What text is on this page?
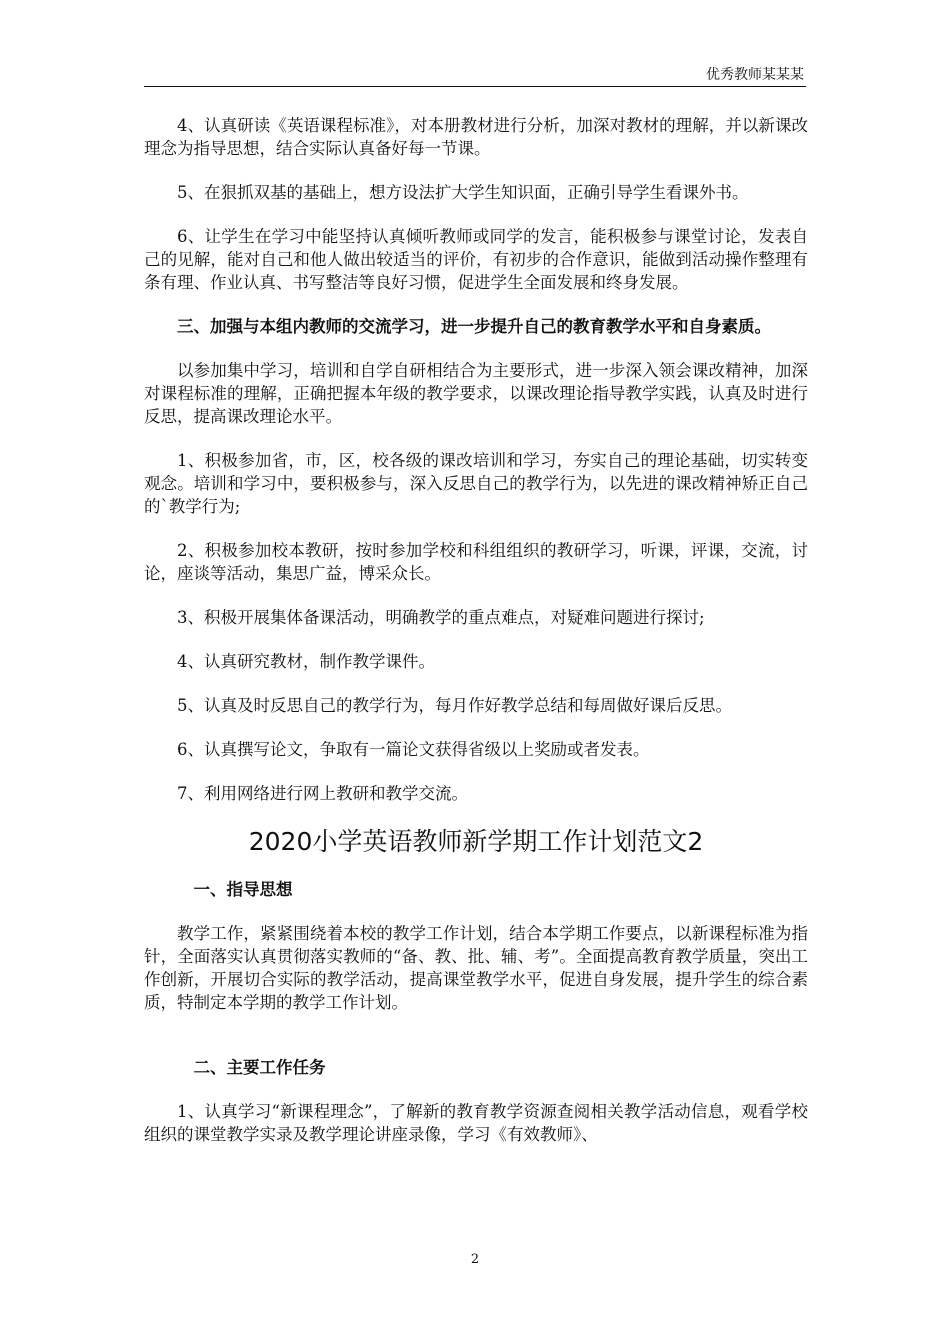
优秀教师某某某

4、认真研读《英语课程标准》，对本册教材进行分析，加深对教材的理解，并以新课改理念为指导思想，结合实际认真备好每一节课。

5、在狠抓双基的基础上，想方设法扩大学生知识面，正确引导学生看课外书。

6、让学生在学习中能坚持认真倾听教师或同学的发言，能积极参与课堂讨论，发表自己的见解，能对自己和他人做出较适当的评价，有初步的合作意识，能做到活动操作整理有条有理、作业认真、书写整洁等良好习惯，促进学生全面发展和终身发展。

三、加强与本组内教师的交流学习，进一步提升自己的教育教学水平和自身素质。

以参加集中学习，培训和自学自研相结合为主要形式，进一步深入领会课改精神，加深对课程标准的理解，正确把握本年级的教学要求，以课改理论指导教学实践，认真及时进行反思，提高课改理论水平。

1、积极参加省，市，区，校各级的课改培训和学习，夯实自己的理论基础，切实转变观念。培训和学习中，要积极参与，深入反思自己的教学行为，以先进的课改精神矫正自己的`教学行为;

2、积极参加校本教研，按时参加学校和科组组织的教研学习，听课，评课，交流，讨论，座谈等活动，集思广益，博采众长。

3、积极开展集体备课活动，明确教学的重点难点，对疑难问题进行探讨;

4、认真研究教材，制作教学课件。

5、认真及时反思自己的教学行为，每月作好教学总结和每周做好课后反思。

6、认真撰写论文，争取有一篇论文获得省级以上奖励或者发表。

7、利用网络进行网上教研和教学交流。

2020小学英语教师新学期工作计划范文2
一、指导思想

教学工作，紧紧围绕着本校的教学工作计划，结合本学期工作要点，以新课程标准为指针，全面落实认真贯彻落实教师的“备、教、批、辅、考”。全面提高教育教学质量，突出工作创新，开展切合实际的教学活动，提高课堂教学水平，促进自身发展，提升学生的综合素质，特制定本学期的教学工作计划。

二、主要工作任务

1、认真学习“新课程理念”，了解新的教育教学资源查阅相关教学活动信息，观看学校组织的课堂教学实录及教学理论讲座录像，学习《有效教师》、

2
